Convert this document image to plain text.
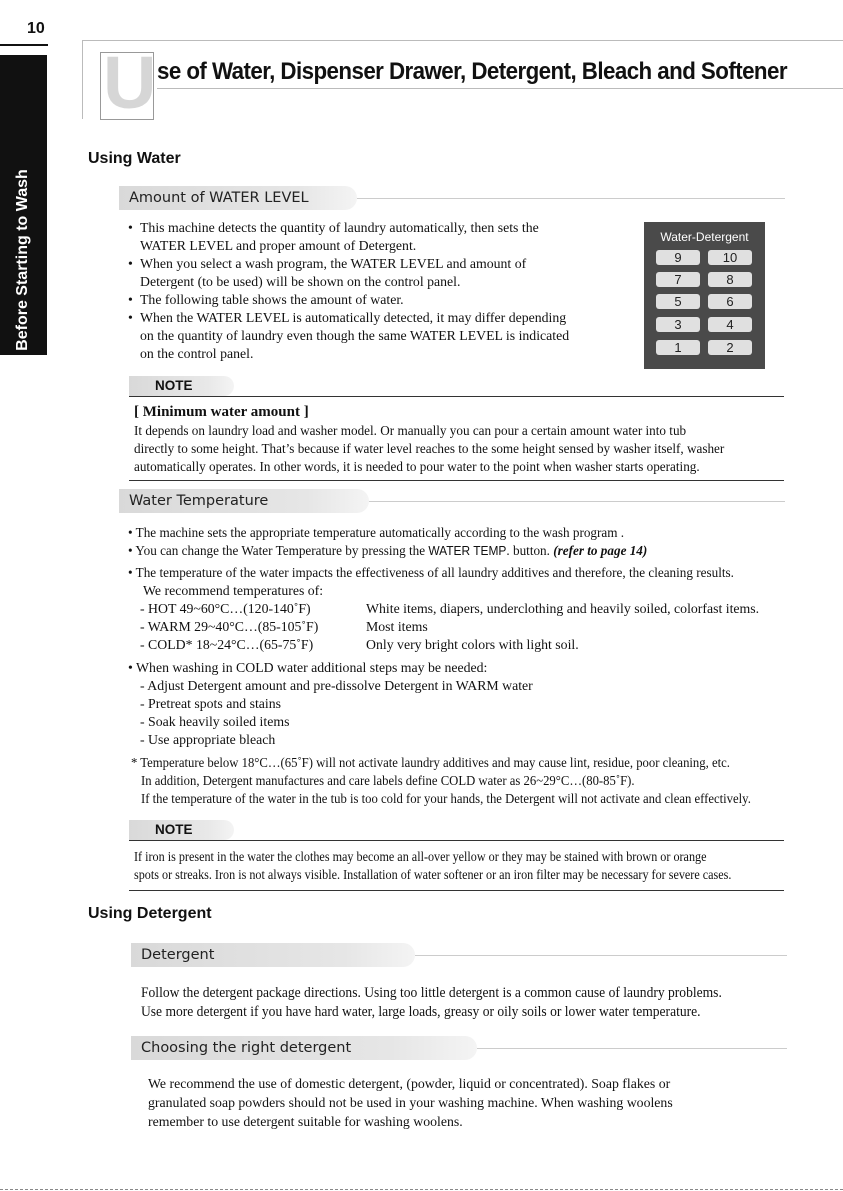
10
Before Starting to Wash
U se of Water, Dispenser Drawer, Detergent, Bleach and Softener
Using Water
Amount of WATER LEVEL
• This machine detects the quantity of laundry automatically, then sets the
WATER LEVEL and proper amount of Detergent.
• When you select a wash program, the WATER LEVEL and amount of
Detergent (to be used) will be shown on the control panel.
• The following table shows the amount of water.
• When the WATER LEVEL is automatically detected, it may differ depending
on the quantity of laundry even though the same WATER LEVEL is indicated
on the control panel.
Water-Detergent
9	10
7	8
5	6
3	4
1	2
NOTE
[ Minimum water amount ]
It depends on laundry load and washer model. Or manually you can pour a certain amount water into tub
directly to some height. That’s because if water level reaches to the some height sensed by washer itself, washer
automatically operates. In other words, it is needed to pour water to the point when washer starts operating.
Water Temperature
• The machine sets the appropriate temperature automatically according to the wash program .
• You can change the Water Temperature by pressing the WATER TEMP. button. (refer to page 14)
• The temperature of the water impacts the effectiveness of all laundry additives and therefore, the cleaning results.
We recommend temperatures of:
- HOT 49~60°C…(120-140˚F)	White items, diapers, underclothing and heavily soiled, colorfast items.
- WARM 29~40°C…(85-105˚F)	Most items
- COLD* 18~24°C…(65-75˚F)	Only very bright colors with light soil.
• When washing in COLD water additional steps may be needed:
- Adjust Detergent amount and pre-dissolve Detergent in WARM water
- Pretreat spots and stains
- Soak heavily soiled items
- Use appropriate bleach
* Temperature below 18°C…(65˚F) will not activate laundry additives and may cause lint, residue, poor cleaning, etc.
In addition, Detergent manufactures and care labels define COLD water as 26~29°C…(80-85˚F).
If the temperature of the water in the tub is too cold for your hands, the Detergent will not activate and clean effectively.
NOTE
If iron is present in the water the clothes may become an all-over yellow or they may be stained with brown or orange
spots or streaks. Iron is not always visible. Installation of water softener or an iron filter may be necessary for severe cases.
Using Detergent
Detergent
Follow the detergent package directions. Using too little detergent is a common cause of laundry problems.
Use more detergent if you have hard water, large loads, greasy or oily soils or lower water temperature.
Choosing the right detergent
We recommend the use of domestic detergent, (powder, liquid or concentrated). Soap flakes or
granulated soap powders should not be used in your washing machine. When washing woolens
remember to use detergent suitable for washing woolens.
